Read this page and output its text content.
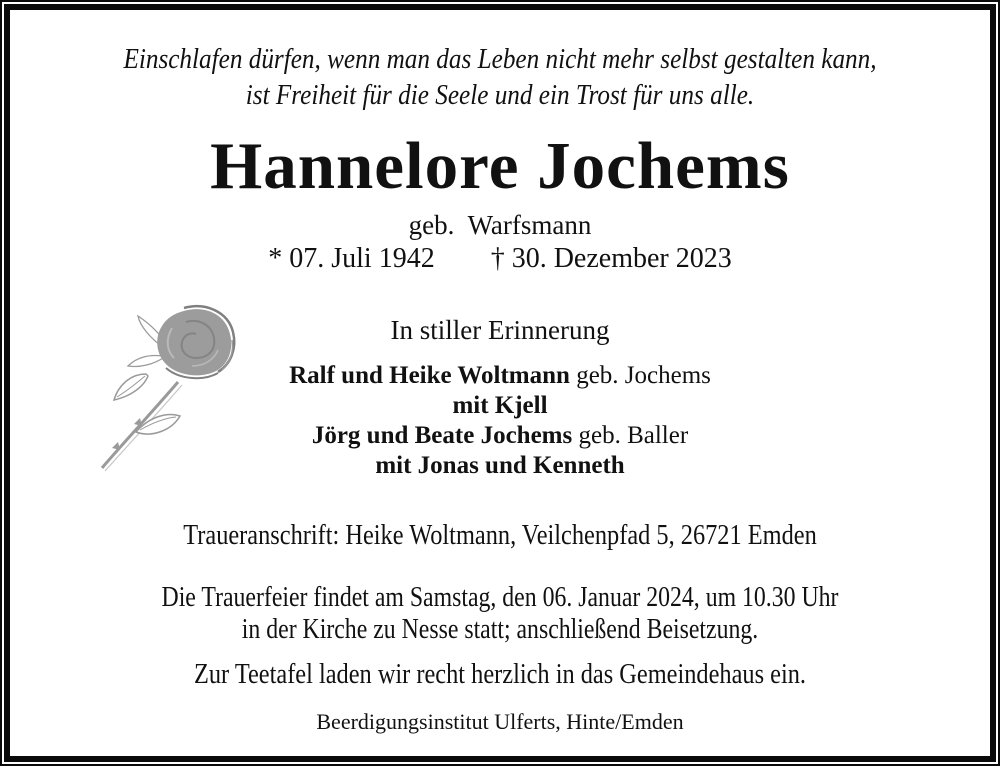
Einschlafen dürfen, wenn man das Leben nicht mehr selbst gestalten kann,
ist Freiheit für die Seele und ein Trost für uns alle.
Hannelore Jochems
geb. Warfsmann
* 07. Juli 1942 † 30. Dezember 2023
In stiller Erinnerung
Ralf und Heike Woltmann geb. Jochems
mit Kjell
Jörg und Beate Jochems geb. Baller
mit Jonas und Kenneth
Traueranschrift: Heike Woltmann, Veilchenpfad 5, 26721 Emden
Die Trauerfeier findet am Samstag, den 06. Januar 2024, um 10.30 Uhr
in der Kirche zu Nesse statt; anschließend Beisetzung.
Zur Teetafel laden wir recht herzlich in das Gemeindehaus ein.
Beerdigungsinstitut Ulferts, Hinte/Emden
